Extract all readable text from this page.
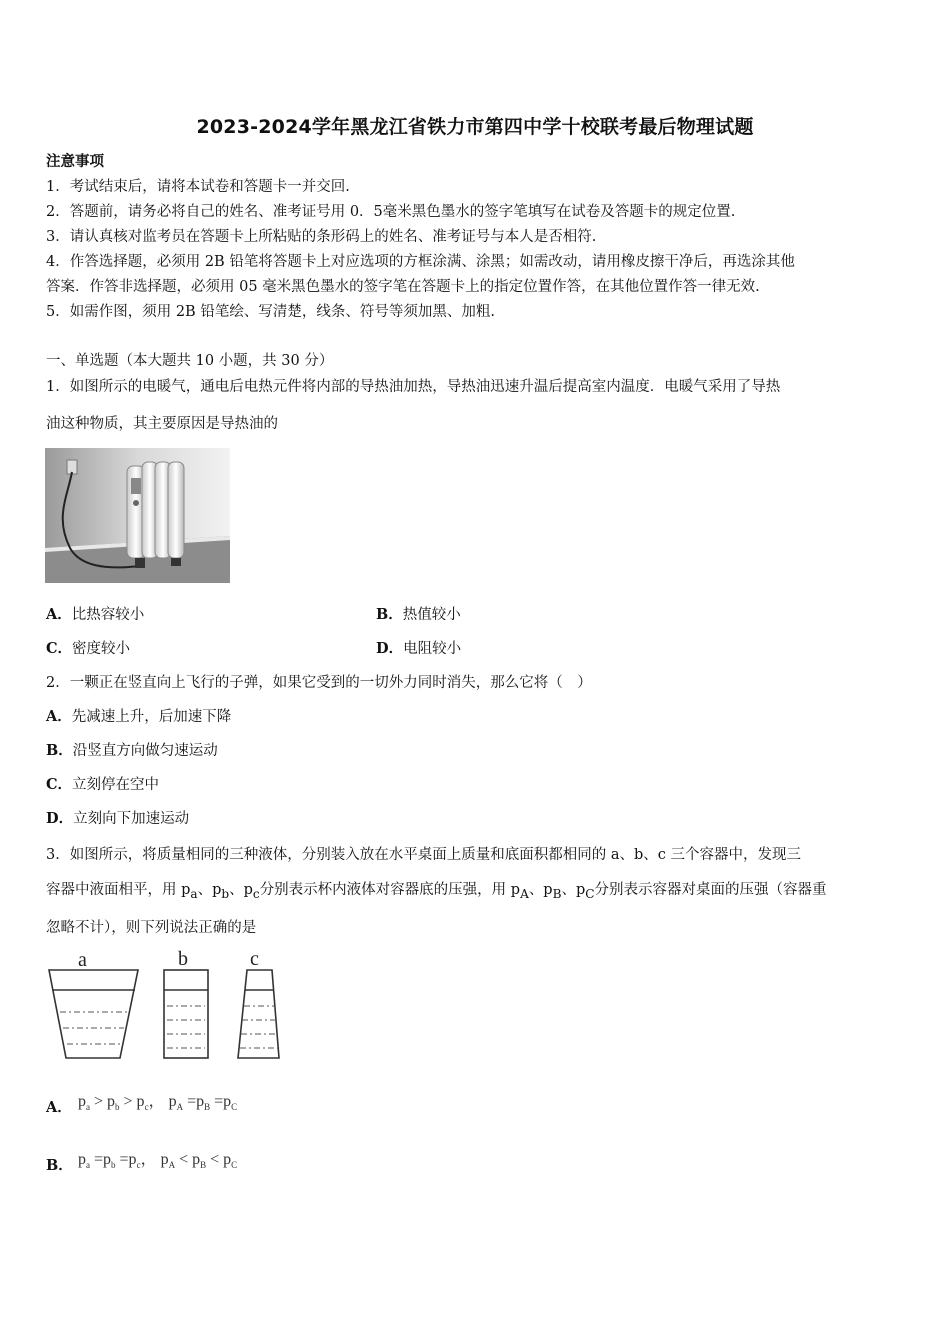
2023-2024学年黑龙江省铁力市第四中学十校联考最后物理试题
注意事项
1．考试结束后，请将本试卷和答题卡一并交回.
2．答题前，请务必将自己的姓名、准考证号用 0．5毫米黑色墨水的签字笔填写在试卷及答题卡的规定位置.
3．请认真核对监考员在答题卡上所粘贴的条形码上的姓名、准考证号与本人是否相符.
4．作答选择题，必须用 2B 铅笔将答题卡上对应选项的方框涂满、涂黑；如需改动，请用橡皮擦干净后，再选涂其他
答案．作答非选择题，必须用 05 毫米黑色墨水的签字笔在答题卡上的指定位置作答，在其他位置作答一律无效.
5．如需作图，须用 2B 铅笔绘、写清楚，线条、符号等须加黑、加粗.
一、单选题（本大题共 10 小题，共 30 分）
1．如图所示的电暖气，通电后电热元件将内部的导热油加热，导热油迅速升温后提高室内温度．电暖气采用了导热
油这种物质，其主要原因是导热油的
A．比热容较小	B．热值较小
C．密度较小	D．电阻较小
2．一颗正在竖直向上飞行的子弹，如果它受到的一切外力同时消失，那么它将（　）
A．先减速上升，后加速下降
B．沿竖直方向做匀速运动
C．立刻停在空中
D．立刻向下加速运动
3．如图所示，将质量相同的三种液体，分别装入放在水平桌面上质量和底面积都相同的 a、b、c 三个容器中，发现三
容器中液面相平，用 $p_a$、$p_b$、$p_c$分别表示杯内液体对容器底的压强，用 $p_A$、$p_B$、$p_C$分别表示容器对桌面的压强（容器重
忽略不计），则下列说法正确的是
a	b	c
A． $p_a > p_b > p_c$， $p_A =p_B =p_C$
B． $p_a =p_b =p_c$， $p_A < p_B < p_C$
